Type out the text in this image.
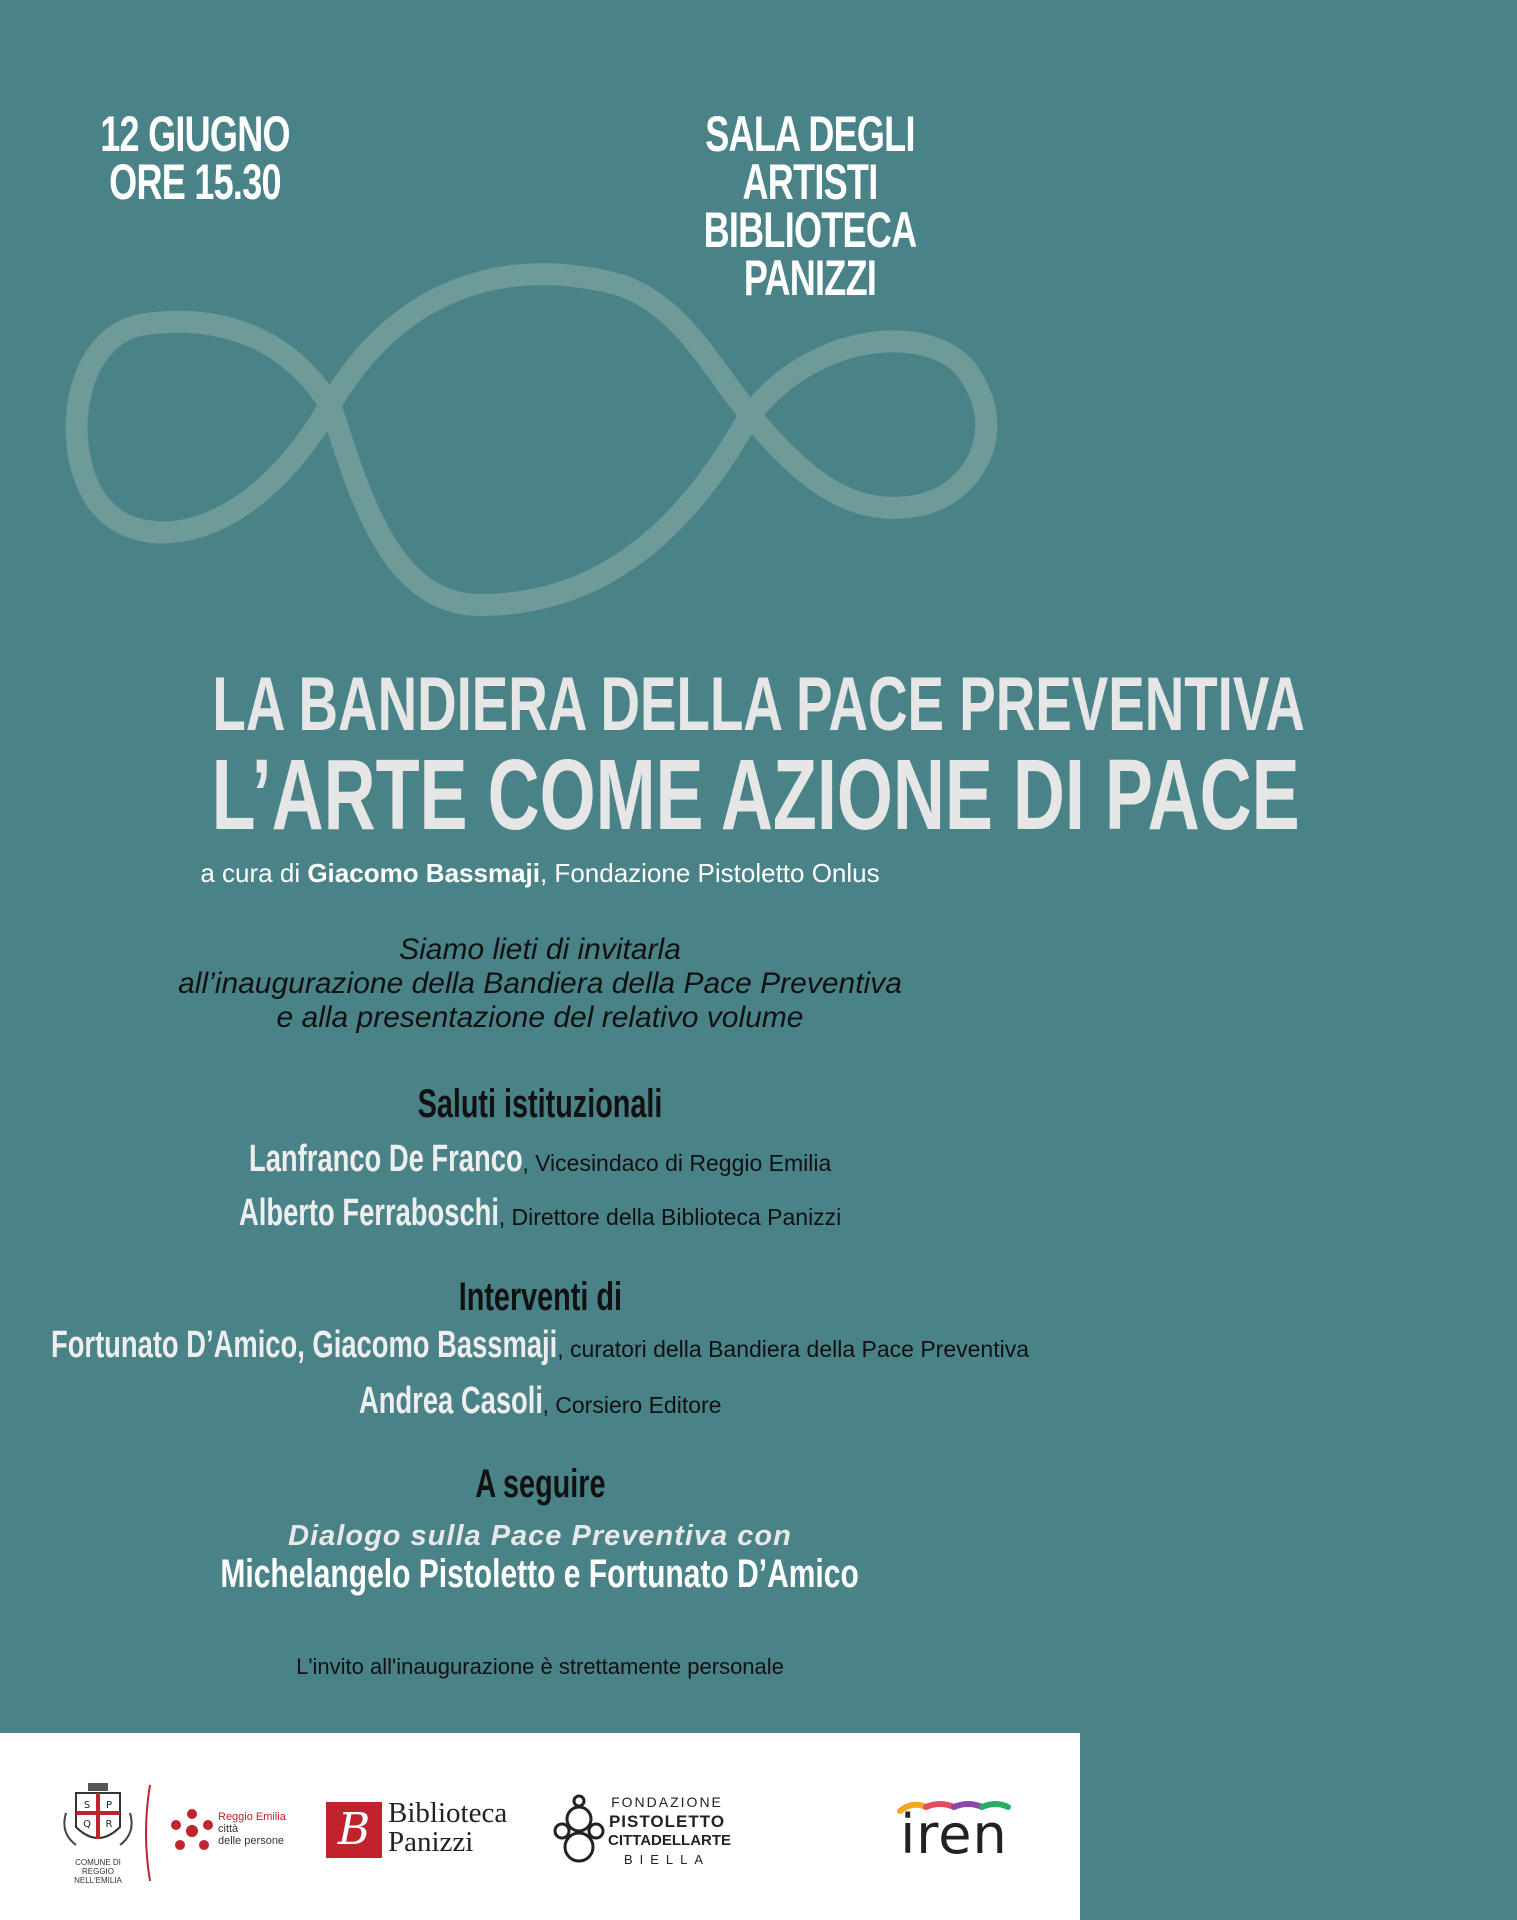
12 GIUGNO
ORE 15.30
SALA DEGLI ARTISTI
BIBLIOTECA PANIZZI
LA BANDIERA DELLA PACE PREVENTIVA
L’ARTE COME AZIONE DI PACE
a cura di Giacomo Bassmaji, Fondazione Pistoletto Onlus
Siamo lieti di invitarla
all’inaugurazione della Bandiera della Pace Preventiva
e alla presentazione del relativo volume
Saluti istituzionali
Lanfranco De Franco , Vicesindaco di Reggio Emilia
Alberto Ferraboschi , Direttore della Biblioteca Panizzi
Interventi di
Fortunato D’Amico, Giacomo Bassmaji , curatori della Bandiera della Pace Preventiva
Andrea Casoli , Corsiero Editore
A seguire
Dialogo sulla Pace Preventiva con
Michelangelo Pistoletto e Fortunato D’Amico
L'invito all'inaugurazione è strettamente personale
S P
Q R
COMUNE DI
REGGIO NELL'EMILIA
Reggio Emilia
città
delle persone B Biblioteca
Panizzi
FONDAZIONE
PISTOLETTO
CITTADELLARTE
BIELLA	iren
